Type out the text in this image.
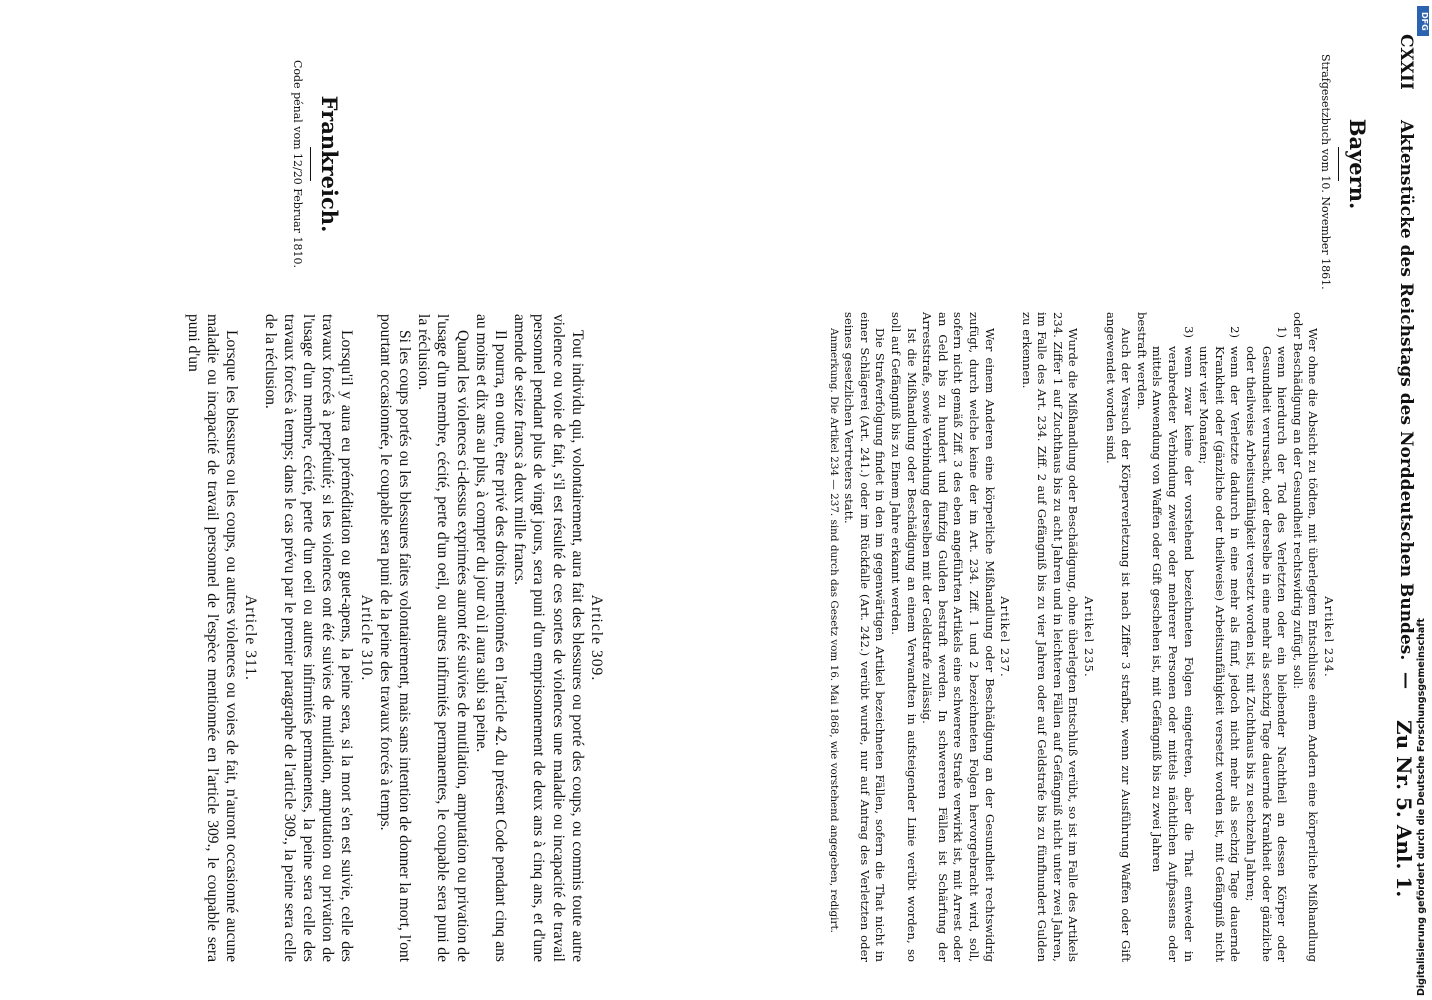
CXXII
Aktenstücke des Reichstags des Norddeutschen Bundes.
—
Zu Nr. 5. Anl. 1.
Bayern.
Strafgesetzbuch vom 10. November 1861.
Frankreich.
Code pénal vom 12/20 Februar 1810.
Artikel 234.

Wer ohne die Absicht zu tödten, mit überlegtem Entschlusse einem Andern eine körperliche Mißhandlung oder Beschädigung an der Gesundheit rechtswidrig zufügt, soll:

1)
wenn hierdurch der Tod des Verletzten oder ein bleibender Nachtheil an dessen Körper oder Gesundheit verursacht, oder derselbe in eine mehr als sechzig Tage dauernde Krankheit oder gänzliche oder theilweise Arbeitsunfähigkeit versetzt worden ist, mit Zuchthaus bis zu sechzehn Jahren;
2)
wenn der Verletzte dadurch in eine mehr als fünf, jedoch nicht mehr als sechzig Tage dauernde Krankheit oder (gänzliche oder theilweise) Arbeitsunfähigkeit versetzt worden ist, mit Gefängniß nicht unter vier Monaten;
3)
wenn zwar keine der vorstehend bezeichneten Folgen eingetreten, aber die That entweder in verabredeter Verbindung zweier oder mehrerer Personen oder mittels nächtlichen Aufpassens oder mittels Anwendung von Waffen oder Gift geschehen ist, mit Gefängniß bis zu zwei Jahren
bestraft werden.

Auch der Versuch der Körperverletzung ist nach Ziffer 3 strafbar, wenn zur Ausführung Waffen oder Gift angewendet worden sind.

Artikel 235.

Wurde die Mißhandlung oder Beschädigung, ohne überlegten Entschluß verübt, so ist im Falle des Artikels 234. Ziffer 1 auf Zuchthaus bis zu acht Jahren und in leichteren Fällen auf Gefängniß nicht unter zwei Jahren, im Falle des Art. 234. Ziff. 2 auf Gefängniß bis zu vier Jahren oder auf Geldstrafe bis zu fünfhundert Gulden zu erkennen.

Artikel 237.

Wer einem Anderen eine körperliche Mißhandlung oder Beschädigung an der Gesundheit rechtswidrig zufügt, durch welche keine der im Art. 234. Ziff. 1 und 2 bezeichneten Folgen hervorgebracht wird, soll, sofern nicht gemäß Ziff. 3 des eben angeführten Artikels eine schwerere Strafe verwirkt ist, mit Arrest oder an Geld bis zu hundert und fünfzig Gulden bestraft werden. In schwereren Fällen ist Schärfung der Arreststrafe, sowie Verbindung derselben mit der Geldstrafe zulässig.

Ist die Mißhandlung oder Beschädigung an einem Verwandten in aufsteigender Linie verübt worden, so soll auf Gefängniß bis zu Einem Jahre erkannt werden.

Die Strafverfolgung findet in den im gegenwärtigen Artikel bezeichneten Fällen, sofern die That nicht in einer Schlägerei (Art. 241.) oder im Rückfalle (Art. 242.) verübt wurde, nur auf Antrag des Verletzten oder seines gesetzlichen Vertreters statt.

Anmerkung. Die Artikel 234 — 237. sind durch das Gesetz vom 16. Mai 1868, wie vorstehend angegeben, redigirt.

Article 309.

Tout individu qui, volontairement, aura fait des blessures ou porté des coups, ou commis toute autre violence ou voie de fait, s'il est résulté de ces sortes de violences une maladie ou incapacité de travail personnel pendant plus de vingt jours, sera puni d'un emprisonnement de deux ans à cinq ans, et d'une amende de seize francs à deux mille francs.

Il pourra, en outre, être privé des droits mentionnés en l'article 42. du présent Code pendant cinq ans au moins et dix ans au plus, à compter du jour où il aura subi sa peine.

Quand les violences ci-dessus exprimées auront été suivies de mutilation, amputation ou privation de l'usage d'un membre, cécité, perte d'un oeil, ou autres infirmités permanentes, le coupable sera puni de la réclusion.

Si les coups portés ou les blessures faites volontairement, mais sans intention de donner la mort, l'ont pourtant occasionnée, le coupable sera puni de la peine des travaux forcés à temps.

Article 310.

Lorsqu'il y aura eu préméditation ou guet-apens, la peine sera, si la mort s'en est suivie, celle des travaux forcés à perpétuité; si les violences ont été suivies de mutilation, amputation ou privation de l'usage d'un membre, cécité, perte d'un oeil ou autres infirmités permanentes, la peine sera celle des travaux forcés à temps; dans le cas prévu par le premier paragraphe de l'article 309., la peine sera celle de la réclusion.

Article 311.

Lorsque les blessures ou les coups, ou autres violences ou voies de fait, n'auront occasionné aucune maladie ou incapacité de travail personnel de l'espèce mentionnée en l'article 309., le coupable sera puni d'un

DFG
Digitalisierung gefördert durch die Deutsche Forschungsgemeinschaft
